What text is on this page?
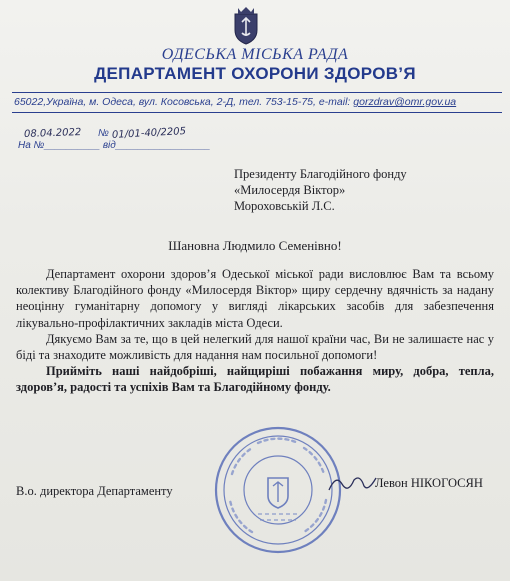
ОДЕСЬКА МІСЬКА РАДА
ДЕПАРТАМЕНТ ОХОРОНИ ЗДОРОВ’Я
65022,Україна, м. Одеса, вул. Косовська, 2-Д, тел. 753-15-75, e-mail: gorzdrav@omr.gov.ua
08.04.2022 № 01/01-40/2205
На №__________ від_________________
Президенту Благодійного фонду
«Милосердя Віктор»
Мороховській Л.С.
Шановна Людмило Семенівно!

Департамент охорони здоров’я Одеської міської ради висловлює Вам та всьому колективу Благодійного фонду «Милосердя Віктор» щиру сердечну вдячність за надану неоцінну гуманітарну допомогу у вигляді лікарських засобів для забезпечення лікувально-профілактичних закладів міста Одеси.

Дякуємо Вам за те, що в цей нелегкий для нашої країни час, Ви не залишаєте нас у біді та знаходите можливість для надання нам посильної допомоги!

Прийміть наші найдобріші, найщиріші побажання миру, добра, тепла, здоров’я, радості та успіхів Вам та Благодійному фонду.

В.о. директора Департаменту
Левон НІКОГОСЯН
